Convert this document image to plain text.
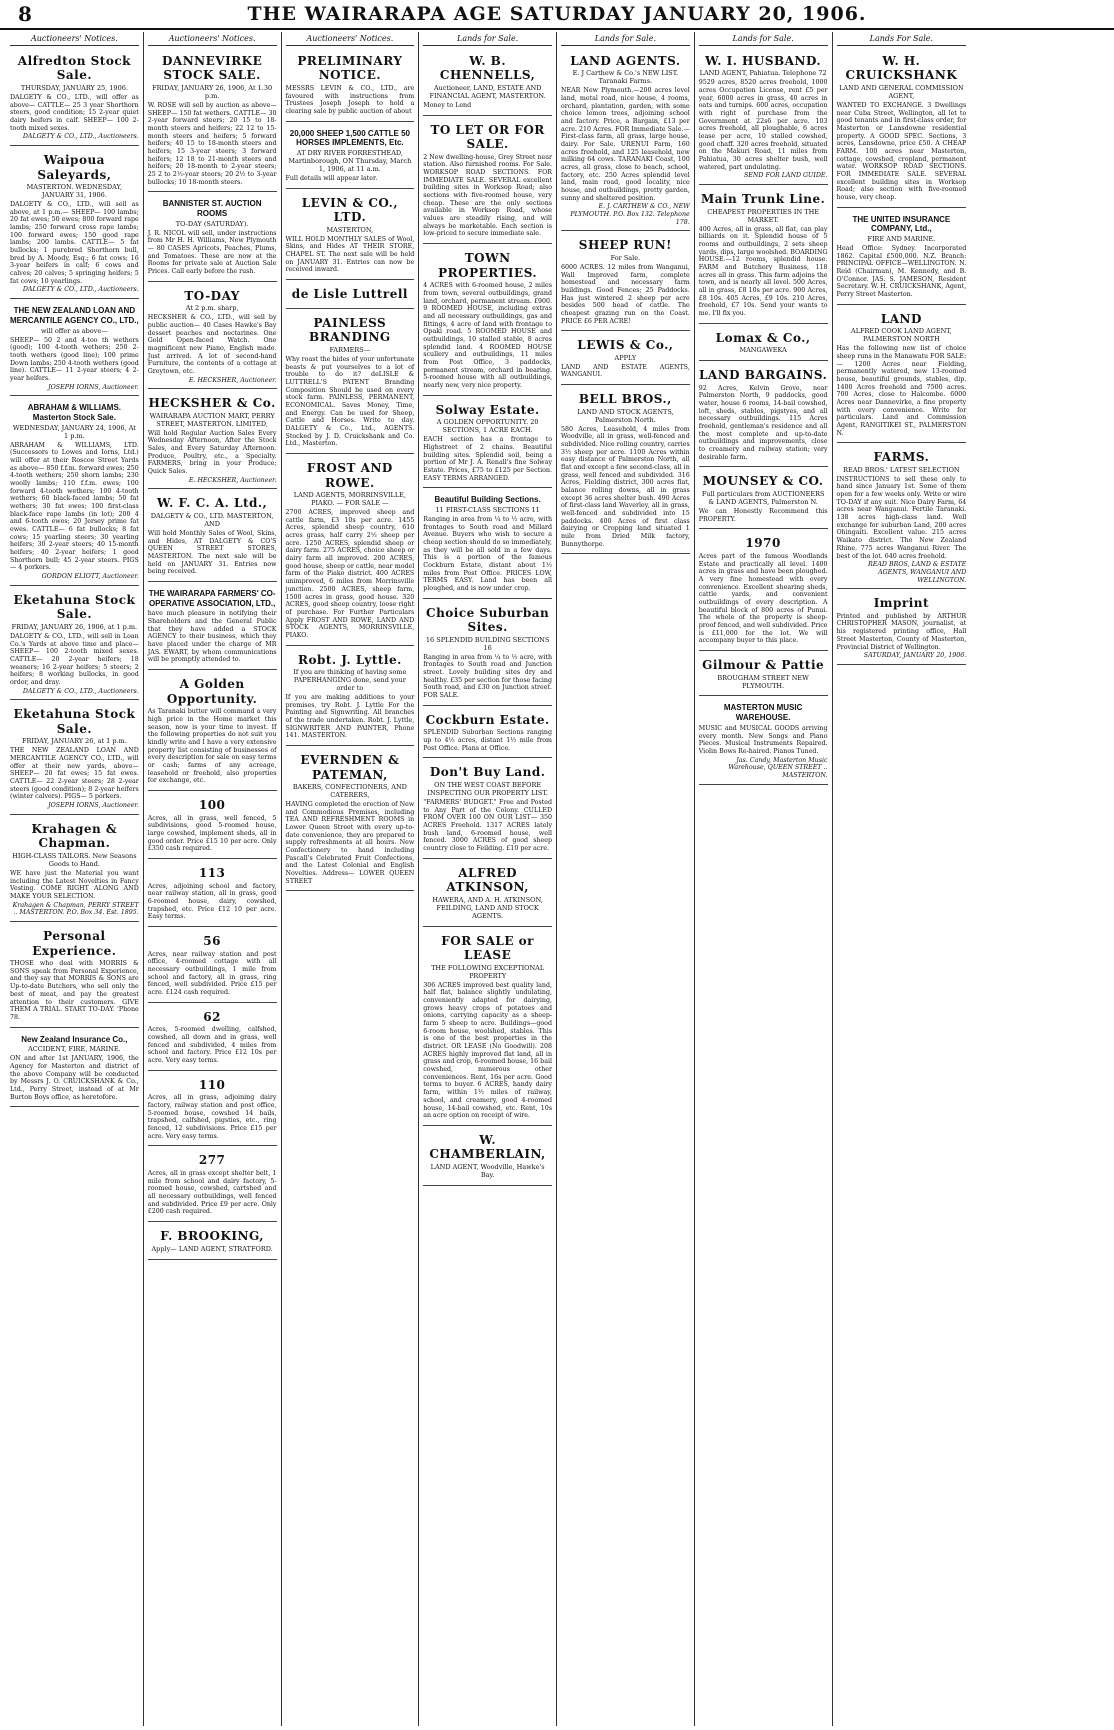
8	THE WAIRARAPA AGE SATURDAY JANUARY 20, 1906.
Auctioneers' Notices.
Alfredton Stock Sale.
THURSDAY, JANUARY 25, 1906.

DALGETY & CO., LTD., will offer as above— CATTLE— 25 3 year Shorthorn steers, good condition; 15 2-year quiet dairy heifers in calf. SHEEP— 100 2-tooth mixed sexes.

DALGETY & CO., LTD., Auctioneers.
Waipoua Saleyards,
MASTERTON. WEDNESDAY, JANUARY 31, 1906.

DALGETY & CO., LTD., will sell as above, at 1 p.m.— SHEEP— 100 lambs; 20 fat ewes; 50 ewes; 800 forward rape lambs; 250 forward cross rape lambs; 100 forward ewes; 150 good rape lambs; 200 lambs. CATTLE— 5 fat bullocks; 1 purebred Shorthorn bull, bred by A. Moody, Esq.; 6 fat cows; 16 3-year heifers in calf; 6 cows and calves; 20 calves; 5 springing heifers; 5 fat cows; 10 yearlings.

DALGETY & CO., LTD., Auctioneers.
THE NEW ZEALAND LOAN AND MERCANTILE AGENCY CO., LTD.,
will offer as above—

SHEEP— 50 2 and 4-too th wethers (good); 100 4-tooth wethers; 250 2-tooth wethers (good line); 100 prime Down lambs; 250 4-tooth wethers (good line). CATTLE— 11 2-year steers; 4 2-year heifers.

JOSEPH IORNS, Auctioneer.
ABRAHAM & WILLIAMS. Masterton Stock Sale.
WEDNESDAY, JANUARY 24, 1906, At 1 p.m.

ABRAHAM & WILLIAMS, LTD. (Successors to Lowes and Iorns, Ltd.) will offer at their Roscoe Street Yards as above— 850 f.f.m. forward ewes; 250 4-tooth wethers; 250 shorn lambs; 230 woolly lambs; 110 f.f.m. ewes; 100 forward 4-tooth wethers; 100 4-tooth wethers; 60 black-faced lambs; 50 fat wethers; 30 fat ewes; 100 first-class black-face rape lambs (in lot); 200 4 and 6-tooth ewes; 20 Jersey prime fat ewes. CATTLE— 6 fat bullocks; 8 fat cows; 15 yearling steers; 30 yearling heifers; 30 2-year steers; 40 15-month heifers; 40 2-year heifers; 1 good Shorthorn bull; 45 2-year steers. PIGS— 4 porkers.

GORDON ELIOTT, Auctioneer.
Eketahuna Stock Sale.
FRIDAY, JANUARY 26, 1906, at 1 p.m.

DALGETY & CO., LTD., will sell in Loan Co.'s Yards at above time and place— SHEEP— 100 2-tooth mixed sexes. CATTLE— 20 2-year heifers; 18 weaners; 16 2-year heifers; 5 steers; 2 heifers; 8 working bullocks, in good order, and dray.

DALGETY & CO., LTD., Auctioneers.
Eketahuna Stock Sale.
FRIDAY, JANUARY 26, at 1 p.m.

THE NEW ZEALAND LOAN AND MERCANTILE AGENCY CO., LTD., will offer at their new yards, above— SHEEP— 20 fat ewes; 15 fat ewes. CATTLE— 22 2-year steers; 28 2-year steers (good condition); 8 2-year heifers (winter calvers). PIGS— 5 porkers.

JOSEPH IORNS, Auctioneer.
Krahagen & Chapman.
HIGH-CLASS TAILORS. New Seasons Goods to Hand.

WE have just the Material you want including the Latest Novelties in Fancy Vesting. COME RIGHT ALONG AND MAKE YOUR SELECTION.

Krahagen & Chapman, PERRY STREET .. MASTERTON. P.O. Box 34. Est. 1895.
Personal Experience.

THOSE who deal with MORRIS & SONS speak from Personal Experience, and they say that MORRIS & SONS are Up-to-date Butchers, who sell only the best of meat, and pay the greatest attention to their customers. GIVE THEM A TRIAL. START TO-DAY. 'Phone 78.

New Zealand Insurance Co.,
ACCIDENT, FIRE, MARINE.

ON and after 1st JANUARY, 1906, the Agency for Masterton and district of the above Company will be conducted by Messrs J. O. CRUICKSHANK & Co., Ltd., Perry Street, instead of at Mr Burton Boys office, as heretofore.

Auctioneers' Notices.
DANNEVIRKE STOCK SALE.
FRIDAY, JANUARY 26, 1906, At 1.30 p.m.

W. ROSE will sell by auction as above— SHEEP— 150 fat wethers. CATTLE— 30 2-year forward steers; 20 15 to 18-month steers and heifers; 22 12 to 15-month steers and heifers; 5 forward heifers; 40 15 to 18-month steers and heifers; 15 3-year steers; 3 forward heifers; 12 18 to 21-month steers and heifers; 20 18-month to 2-year steers; 25 2 to 2½-year steers; 20 2½ to 3-year bullocks; 10 18-month steers.

BANNISTER ST. AUCTION ROOMS
TO-DAY (SATURDAY).

J. R. NICOL will sell, under instructions from Mr H. H. Williams, New Plymouth— 80 CASES Apricots, Peaches, Plums, and Tomatoes. These are now at the Rooms for private sale at Auction Sale Prices. Call early before the rush.

TO-DAY
At 2 p.m. sharp,

HECKSHER & CO., LTD., will sell by public auction— 40 Cases Hawke's Bay dessert peaches and nectarines. One Gold Open-faced Watch. One magnificent new Piano, English made. Just arrived. A lot of second-hand Furniture, the contents of a cottage at Greytown, etc.

E. HECKSHER, Auctioneer.
HECKSHER & Co.
WAIRARAPA AUCTION MART, PERRY STREET, MASTERTON. LIMITED,

Will hold Regular Auction Sales Every Wednesday Afternoon, After the Stock Sales, and Every Saturday Afternoon. Produce, Poultry, etc., a Specialty. FARMERS, bring in your Produce; Quick Sales.

E. HECKSHER, Auctioneer.
W. F. C. A. Ltd.,
DALGETY & CO., LTD. MASTERTON, AND

Will hold Monthly Sales of Wool, Skins, and Hides, AT DALGETY & CO'S QUEEN STREET STORES, MASTERTON. The next sale will be held on JANUARY 31. Entries now being received.

THE WAIRARAPA FARMERS' CO-OPERATIVE ASSOCIATION, LTD.,

have much pleasure in notifying their Shareholders and the General Public that they have added a STOCK AGENCY to their business, which they have placed under the charge of MR JAS. EWART, by whom communications will be promptly attended to.

A Golden Opportunity.

As Taranaki butter will command a very high price in the Home market this season, now is your time to invest. If the following properties do not suit you kindly write and I have a very extensive property list consisting of businesses of every description for sale on easy terms or cash; farms of any acreage, leasehold or freehold, also properties for exchange, etc.

100

Acres, all in grass, well fenced, 5 subdivisions, good 5-roomed house, large cowshed, implement sheds, all in good order. Price £15 10 per acre. Only £350 cash required.

113

Acres, adjoining school and factory, near railway station, all in grass, good 6-roomed house, dairy, cowshed, trapshed, etc. Price £12 10 per acre. Easy terms.

56

Acres, near railway station and post office, 4-roomed cottage with all necessary outbuildings, 1 mile from school and factory, all in grass, ring fenced, well subdivided. Price £15 per acre. £124 cash required.

62

Acres, 5-roomed dwelling, calfshed, cowshed, all down and in grass, well fenced and subdivided, 4 miles from school and factory. Price £12 10s per acre. Very easy terms.

110

Acres, all in grass, adjoining dairy factory, railway station and post office, 5-roomed house, cowshed 14 bails, trapshed, calfshed, pigsties, etc., ring fenced, 12 subdivisions. Price £15 per acre. Very easy terms.

277

Acres, all in grass except shelter belt, 1 mile from school and dairy factory, 5-roomed house, cowshed, cartshed and all necessary outbuildings, well fenced and subdivided. Price £9 per acre. Only £200 cash required.

F. BROOKING,
Apply— LAND AGENT, STRATFORD.
Auctioneers' Notices.
PRELIMINARY NOTICE.

MESSRS LEVIN & CO., LTD., are favoured with instructions from Trustees Joseph Joseph to hold a clearing sale by public auction of about

20,000 SHEEP 1,500 CATTLE 50 HORSES IMPLEMENTS, Etc.
AT DRY RIVER FORRESTHEAD, Martinborough, ON Thursday, March 1, 1906, at 11 a.m.

Full details will appear later.

LEVIN & CO., LTD.
MASTERTON,

WILL HOLD MONTHLY SALES of Wool, Skins, and Hides AT THEIR STORE, CHAPEL ST. The next sale will be held on JANUARY 31. Entries can now be received inward.

de Lisle Luttrell
PAINLESS BRANDING
FARMERS—

Why roast the hides of your unfortunate beasts & put yourselves to a lot of trouble to do it? deLISLE & LUTTRELL'S PATENT Branding Composition Should be used on every stock farm. PAINLESS, PERMANENT, ECONOMICAL. Saves Money, Time, and Energy. Can be used for Sheep, Cattle and Horses. Write to day. DALGETY & Co., Ltd., AGENTS. Stocked by J. D. Cruickshank and Co. Ltd., Masterton.

FROST AND ROWE.
LAND AGENTS, MORRINSVILLE, PIAKO. — FOR SALE —

2700 ACRES, improved sheep and cattle farm, £3 10s per acre. 1455 Acres, splendid sheep country, 610 acres grass, half carry 2½ sheep per acre. 1250 ACRES, splendid sheep or dairy farm. 275 ACRES, choice sheep or dairy farm all improved. 200 ACRES, good house, sheep or cattle, near model farm of the Piako district. 400 ACRES unimproved, 6 miles from Morrinsville junction. 2500 ACRES, sheep farm, 1500 acres in grass, good house. 320 ACRES, good sheep country, loose right of purchase. For Further Particulars Apply FROST AND ROWE, LAND AND STOCK AGENTS, MORRINSVILLE, PIAKO.

Robt. J. Lyttle.
If you are thinking of having some PAPERHANGING done, send your order to

If you are making additions to your premises, try Robt. J. Lyttle For the Painting and Signwriting. All branches of the trade undertaken. Robt. J. Lyttle, SIGNWRITER AND PAINTER, Phone 141. MASTERTON.

EVERNDEN & PATEMAN,
BAKERS, CONFECTIONERS, AND CATERERS,

HAVING completed the erection of New and Commodious Premises, including TEA AND REFRESHMENT ROOMS in Lower Queen Street with every up-to-date convenience, they are prepared to supply refreshments at all hours. New Confectionery to hand including Pascall's Celebrated Fruit Confections, and the Latest Colonial and English Novelties. Address— LOWER QUEEN STREET

Lands for Sale.
W. B. CHENNELLS,
Auctioneer, LAND, ESTATE AND FINANCIAL AGENT, MASTERTON.

Money to Lend

TO LET OR FOR SALE.

2 New dwelling-house, Grey Street near station. Also furnished rooms. For Sale. WORKSOP ROAD SECTIONS. FOR IMMEDIATE SALE. SEVERAL excellent building sites in Worksop Road; also sections with five-roomed house, very cheap. These are the only sections available in Worksop Road, whose values are steadily rising, and will always be marketable. Each section is low-priced to secure immediate sale.

TOWN PROPERTIES.

4 ACRES with 6-roomed house, 2 miles from town, several outbuildings, grand land, orchard, permanent stream. £900. 9 ROOMED HOUSE, including extras and all necessary outbuildings, gas and fittings, 4 acre of land with frontage to Opaki road. 5 ROOMED HOUSE and outbuildings, 10 stalled stable, 8 acres splendid land. 4 ROOMED HOUSE scullery and outbuildings, 11 miles from Post Office, 3 paddocks, permanent stream, orchard in bearing. 5-roomed house with all outbuildings, nearly new, very nice property.

Solway Estate.
A GOLDEN OPPORTUNITY. 20 SECTIONS, 1 ACRE EACH.

EACH section has a frontage to Highstreet of 2 chains. Beautiful building sites. Splendid soil, being a portion of Mr J. A. Renall's fine Solway Estate. Prices, £75 to £125 per Section. EASY TERMS ARRANGED.

Beautiful Building Sections.
11 FIRST-CLASS SECTIONS 11

Ranging in area from ¼ to ½ acre, with frontages to South road and Millard Avenue. Buyers who wish to secure a cheap section should do so immediately, as they will be all sold in a few days. This is a portion of the famous Cockburn Estate, distant about 1½ miles from Post Office. PRICES LOW, TERMS EASY. Land has been all ploughed, and is now under crop.

Choice Suburban Sites.
16 SPLENDID BUILDING SECTIONS 16

Ranging in area from ¼ to ½ acre, with frontages to South road and Junction street. Lovely building sites dry and healthy. £35 per section for those facing South road, and £30 on Junction street. FOR SALE.

Cockburn Estate.

SPLENDID Suburban Sections ranging up to 4½ acres, distant 1½ mile from Post Office. Plans at Office.

Don't Buy Land.
ON THE WEST COAST BEFORE INSPECTING OUR PROPERTY LIST.

"FARMERS' BUDGET." Free and Posted to Any Part of the Colony. CULLED FROM OVER 100 ON OUR LIST— 350 ACRES Freehold. 1317 ACRES lately bush land, 6-roomed house, well fenced. 3000 ACRES of good sheep country close to Feilding. £10 per acre.

ALFRED ATKINSON,
HAWERA, AND A. H. ATKINSON, FEILDING, LAND AND STOCK AGENTS.
FOR SALE or LEASE
THE FOLLOWING EXCEPTIONAL PROPERTY

306 ACRES improved best quality land, half flat, balance slightly undulating, conveniently adapted for dairying, grows heavy crops of potatoes and onions, carrying capacity as a sheep-farm 5 sheep to acre. Buildings—good 6-room house, woolshed, stables. This is one of the best properties in the district. OR LEASE (No Goodwill). 208 ACRES highly improved flat land, all in grass and crop, 6-roomed house, 16 bail cowshed, numerous other conveniences. Rent, 16s per acre. Good terms to buyer. 6 ACRES, handy dairy farm, within 1½ miles of railway, school, and creamery, good 4-roomed house, 14-bail cowshed, etc. Rent, 10s an acre option on receipt of wire.

W. CHAMBERLAIN,
LAND AGENT, Woodville, Hawke's Bay.
Lands for Sale.
LAND AGENTS.
E. J Carthew & Co.'s NEW LIST. Taranaki Farms.

NEAR New Plymouth.—200 acres level land, metal road, nice house, 4 rooms, orchard, plantation, garden, with some choice lemon trees, adjoining school and factory. Price, a Bargain, £13 per acre. 210 Acres. FOR Immediate Sale.—First-class farm, all grass, large house, dairy. For Sale. URENUI Farm, 160 acres freehold, and 125 leasehold, new milking 64 cows. TARANAKI Coast, 100 acres, all grass, close to beach, school, factory, etc. 250 Acres splendid level land, main road, good locality, nice house, and outbuildings, pretty garden, sunny and sheltered position.

E. J. CARTHEW & CO., NEW PLYMOUTH. P.O. Box 132. Telephone 178.
SHEEP RUN!
For Sale.

6000 ACRES. 12 miles from Wanganui, Wall Improved farm, complete homestead and necessary farm buildings. Good Fences; 25 Paddocks. Has just wintered 2 sheep per acre besides 500 head of cattle. The cheapest grazing run on the Coast. PRICE £6 PER ACRE!

LEWIS & Co.,
APPLY

LAND AND ESTATE AGENTS, WANGANUI.

BELL BROS.,
LAND AND STOCK AGENTS, Palmerston North.

580 Acres, Leasehold, 4 miles from Woodville, all in grass, well-fenced and subdivided. Nice rolling country, carries 3½ sheep per acre. 1100 Acres within easy distance of Palmerston North, all flat and except a few second-class, all in grass, well fenced and subdivided. 316 Acres, Fielding district, 300 acres flat, balance rolling downs, all in grass except 36 acres shelter bush. 490 Acres of first-class land Waverley, all in grass, well-fenced and subdivided into 15 paddocks. 400 Acres of first class dairying or Cropping land situated 1 mile from Dried Milk factory, Bunnythorpe.

Lands for Sale.
W. I. HUSBAND.
LAND AGENT, Pahiatua. Telephone 72

9529 acres, 8520 acres freehold, 1000 acres Occupation License, rent £5 per year, 6000 acres in grass, 40 acres in oats and turnips. 600 acres, occupation with right of purchase from the Government at 22s6 per acre. 103 acres freehold, all ploughable, 6 acres lease per acre, 10 stalled cowshed, good chaff. 320 acres freehold, situated on the Makuri Road, 11 miles from Pahiatua, 30 acres shelter bush, well watered, part undulating.

SEND FOR LAND GUIDE.
Main Trunk Line.
CHEAPEST PROPERTIES IN THE MARKET.

400 Acres, all in grass, all flat, can play billiards on it. Splendid house of 5 rooms and outbuildings, 2 sets sheep yards, dips, large woolshed. BOARDING HOUSE.—12 rooms, splendid house. FARM and Butchery Business, 118 acres all in grass. This farm adjoins the town, and is nearly all level. 500 Acres, all in grass, £8 10s per acre. 900 Acres, £8 10s. 405 Acres, £9 10s. 210 Acres, freehold, £7 10s. Send your wants to me. I'll fix you.

Lomax & Co.,
MANGAWEKA
LAND BARGAINS.

92 Acres, Kelvin Grove, near Palmerston North, 9 paddocks, good water, house 6 rooms, 14-bail cowshed, loft, sheds, stables, pigstyes, and all necessary outbuildings. 115 Acres freehold, gentleman's residence and all the most complete and up-to-date outbuildings and improvements, close to creamery and railway station; very desirable farm.

MOUNSEY & CO.
Full particulars from AUCTIONEERS & LAND AGENTS, Palmerston N.

We can Honestly Recommend this PROPERTY.

1970

Acres part of the famous Woodlands Estate and practically all level. 1400 acres in grass and have been ploughed. A very fine homestead with every convenience. Excellent shearing sheds, cattle yards, and convenient outbuildings of every description. A beautiful block of 800 acres of Punui. The whole of the property is sheep-proof fenced, and well subdivided. Price is £11,000 for the lot. We will accompany buyer to this place.

Gilmour & Pattie
BROUGHAM STREET NEW PLYMOUTH.
MASTERTON MUSIC WAREHOUSE.

MUSIC and MUSICAL GOODS arriving every month. New Songs and Piano Pieces. Musical Instruments Repaired. Violin Bows Re-haired. Pianos Tuned.

Jas. Candy, Masterton Music Warehouse, QUEEN STREET .. MASTERTON.
Lands For Sale.
W. H. CRUICKSHANK
LAND AND GENERAL COMMISSION AGENT,

WANTED TO EXCHANGE. 3 Dwellings near Cuba Street, Wellington, all let to good tenants and in first-class order, for Masterton or Lansdowne residential property. A GOOD SPEC. Sections, 3 acres, Lansdowne, price £50. A CHEAP FARM. 100 acres near Masterton, cottage, cowshed, cropland, permanent water. WORKSOP ROAD SECTIONS. FOR IMMEDIATE SALE. SEVERAL excellent building sites in Worksop Road; also section with five-roomed house, very cheap.

THE UNITED INSURANCE COMPANY, Ltd.,
FIRE AND MARINE.

Head Office: Sydney. Incorporated 1862. Capital £500,000. N.Z. Branch: PRINCIPAL OFFICE—WELLINGTON. N. Reid (Chairman), M. Kennedy, and B. O'Connor. JAS. S. JAMESON, Resident Secretary. W. H. CRUICKSHANK, Agent, Perry Street Masterton.

LAND
ALFRED COOK LAND AGENT, PALMERSTON NORTH

Has the following new list of choice sheep runs in the Manawatu FOR SALE:— 1200 Acres near Fielding, permanently watered, new 13-roomed house, beautiful grounds, stables, dip. 1400 Acres freehold and 7500 acres. 700 Acres, close to Halcombe. 6000 Acres near Dannevirke, a fine property with every convenience. Write for particulars. Land and Commission Agent, RANGITIKEI ST., PALMERSTON N.

FARMS.
READ BROS.' LATEST SELECTION

INSTRUCTIONS to sell these only to hand since January 1st. Some of them open for a few weeks only. Write or wire TO-DAY if any suit. Nice Dairy Farm, 64 acres near Wanganui. Fertile Taranaki. 138 acres high-class land. Well exchange for suburban Land, 200 acres Ohingaiti. Excellent value. 215 acres Waikato district. The New Zealand Rhine. 775 acres Wanganui River. The best of the lot. 640 acres freehold.

READ BROS, LAND & ESTATE AGENTS, WANGANUI AND WELLINGTON.
Imprint

Printed and published by ARTHUR CHRISTOPHER MASON, journalist, at his registered printing office, Hall Street Masterton, County of Masterton, Provincial District of Wellington.

SATURDAY, JANUARY 20, 1906.
